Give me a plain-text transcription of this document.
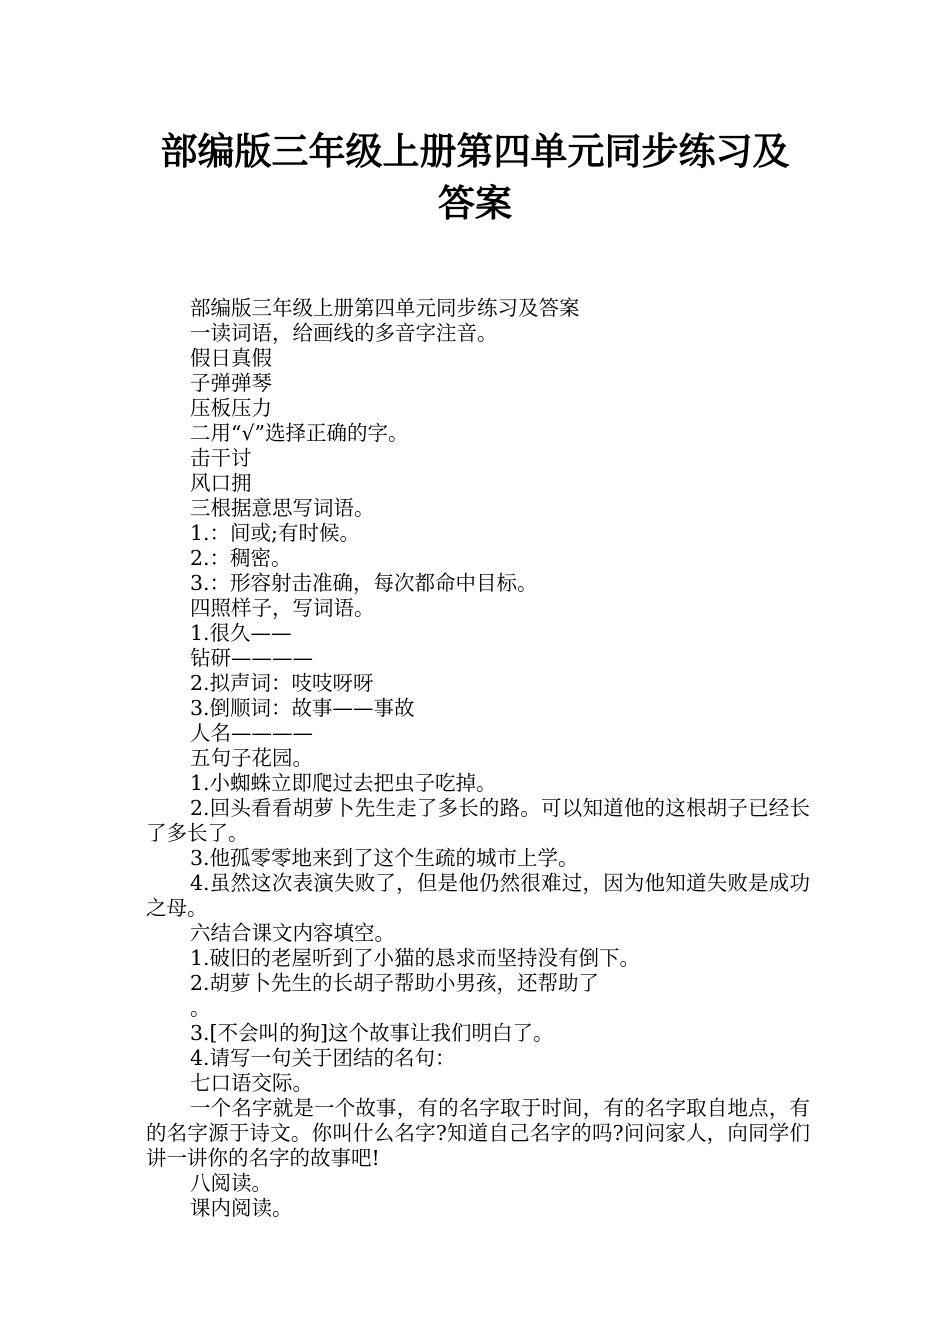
部编版三年级上册第四单元同步练习及
答案

部编版三年级上册第四单元同步练习及答案

一读词语，给画线的多音字注音。

假日真假

子弹弹琴

压板压力

二用“√”选择正确的字。

击干讨

风口拥

三根据意思写词语。

1.：间或;有时候。

2.：稠密。

3.：形容射击准确，每次都命中目标。

四照样子，写词语。

1.很久——

钻研————

2.拟声词：吱吱呀呀

3.倒顺词：故事——事故

人名————

五句子花园。

1.小蜘蛛立即爬过去把虫子吃掉。

2.回头看看胡萝卜先生走了多长的路。可以知道他的这根胡子已经长了多长了。

3.他孤零零地来到了这个生疏的城市上学。

4.虽然这次表演失败了，但是他仍然很难过，因为他知道失败是成功之母。

六结合课文内容填空。

1.破旧的老屋听到了小猫的恳求而坚持没有倒下。

2.胡萝卜先生的长胡子帮助小男孩，还帮助了

。

3.[不会叫的狗]这个故事让我们明白了。

4.请写一句关于团结的名句：

七口语交际。

一个名字就是一个故事，有的名字取于时间，有的名字取自地点，有的名字源于诗文。你叫什么名字?知道自己名字的吗?问问家人，向同学们讲一讲你的名字的故事吧!

八阅读。

课内阅读。
